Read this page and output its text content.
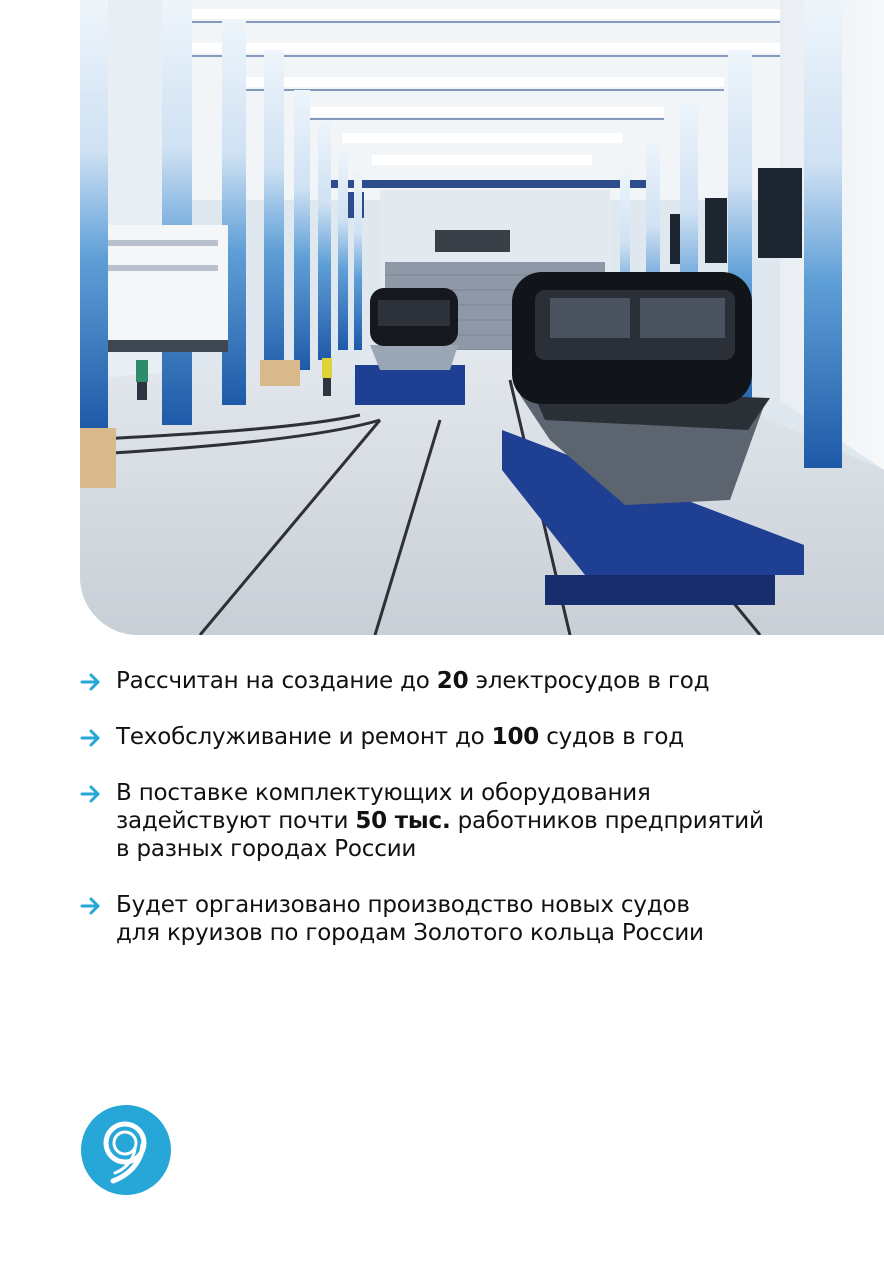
Рассчитан на создание до 20 электросудов в год
Техобслуживание и ремонт до 100 судов в год
В поставке комплектующих и оборудования
задействуют почти 50 тыс. работников предприятий
в разных городах России
Будет организовано производство новых судов
для круизов по городам Золотого кольца России
